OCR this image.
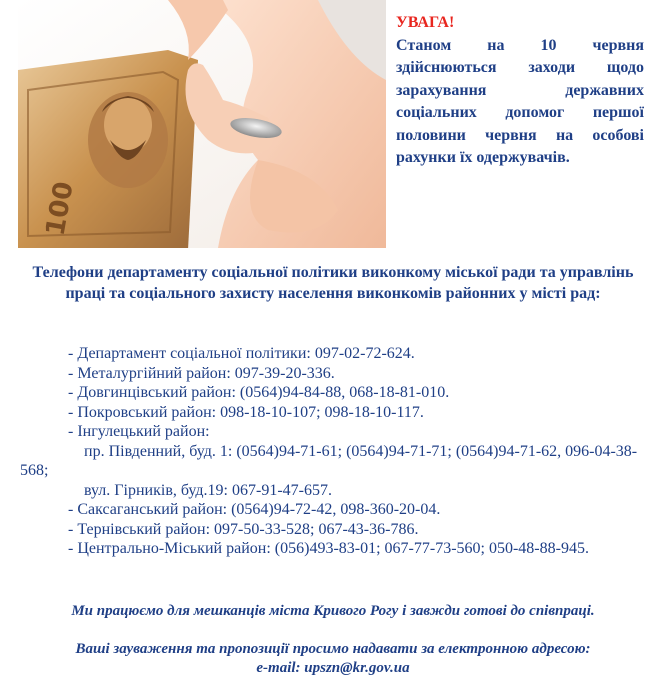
100
УВАГА!
Станом на 10 червня здійснюються заходи щодо зарахування державних соціальних допомог першої половини червня на особові рахунки їх одержувачів.
Телефони департаменту соціальної політики виконкому міської ради та управлінь праці та соціального захисту населення виконкомів районних у місті рад:
- Департамент соціальної політики: 097-02-72-624.
- Металургійний район: 097-39-20-336.
- Довгинцівський район: (0564)94-84-88, 068-18-81-010.
- Покровський район: 098-18-10-107; 098-18-10-117.
- Інгулецький район:
пр. Південний, буд. 1: (0564)94-71-61; (0564)94-71-71; (0564)94-71-62, 096-04-38-568;
вул. Гірників, буд.19: 067-91-47-657.
- Саксаганський район: (0564)94-72-42, 098-360-20-04.
- Тернівський район: 097-50-33-528; 067-43-36-786.
- Центрально-Міський район: (056)493-83-01; 067-77-73-560; 050-48-88-945.
Ми працюємо для мешканців міста Кривого Рогу і завжди готові до співпраці.
Ваші зауваження та пропозиції просимо надавати за електронною адресою:
e-mail: upszn@kr.gov.ua
